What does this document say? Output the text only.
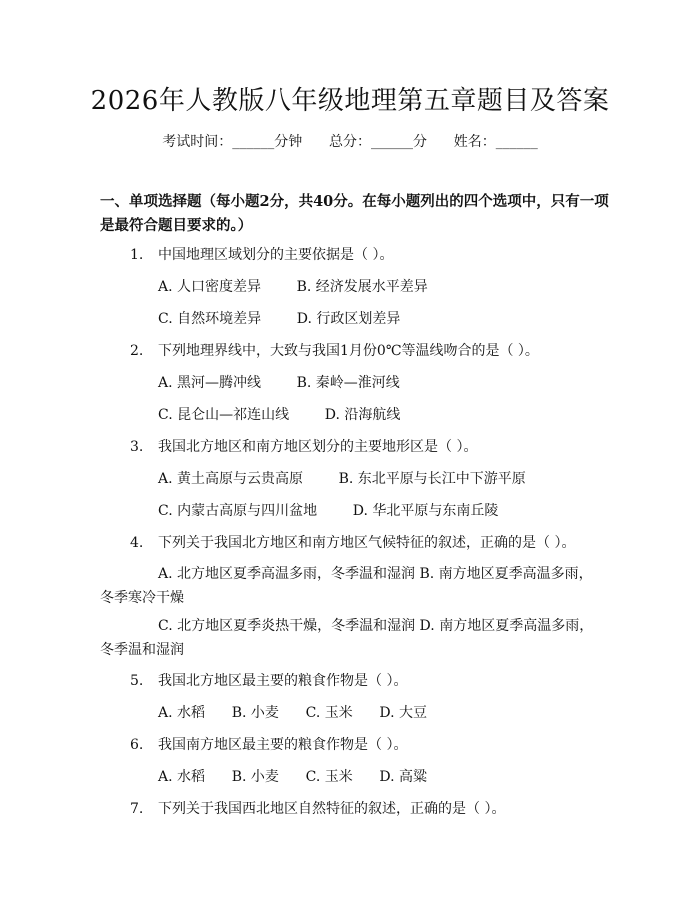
2026年人教版八年级地理第五章题目及答案
考试时间：______分钟      总分：______分      姓名：______
一、单项选择题（每小题2分，共40分。在每小题列出的四个选项中，只有一项是最符合题目要求的。）
1. 中国地理区域划分的主要依据是（ ）。
A. 人口密度差异        B. 经济发展水平差异
C. 自然环境差异        D. 行政区划差异
2. 下列地理界线中，大致与我国1月份0℃等温线吻合的是（ ）。
A. 黑河—腾冲线        B. 秦岭—淮河线
C. 昆仑山—祁连山线        D. 沿海航线
3. 我国北方地区和南方地区划分的主要地形区是（ ）。
A. 黄土高原与云贵高原        B. 东北平原与长江中下游平原
C. 内蒙古高原与四川盆地        D. 华北平原与东南丘陵
4. 下列关于我国北方地区和南方地区气候特征的叙述，正确的是（ ）。
A. 北方地区夏季高温多雨，冬季温和湿润 B. 南方地区夏季高温多雨，冬季寒冷干燥
C. 北方地区夏季炎热干燥，冬季温和湿润 D. 南方地区夏季高温多雨，冬季温和湿润
5. 我国北方地区最主要的粮食作物是（ ）。
A. 水稻      B. 小麦      C. 玉米      D. 大豆
6. 我国南方地区最主要的粮食作物是（ ）。
A. 水稻      B. 小麦      C. 玉米      D. 高粱
7. 下列关于我国西北地区自然特征的叙述，正确的是（ ）。
